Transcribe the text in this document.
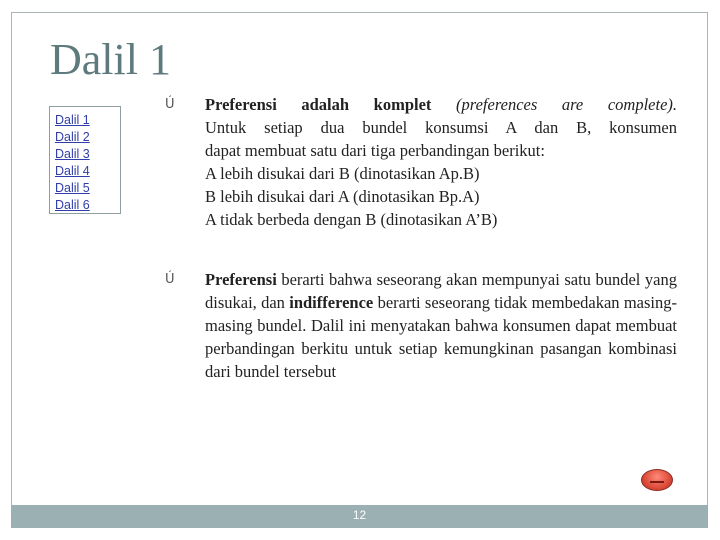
Dalil 1
Dalil 1
Dalil 2
Dalil 3
Dalil 4
Dalil 5
Dalil 6
Ú Preferensi adalah komplet (preferences are complete).
Untuk setiap dua bundel konsumsi A dan B, konsumen
dapat membuat satu dari tiga perbandingan berikut:
A lebih disukai dari B (dinotasikan Ap.B)
B lebih disukai dari A (dinotasikan Bp.A)
A tidak berbeda dengan B (dinotasikan A’B)
Ú Preferensi berarti bahwa seseorang akan mempunyai satu bundel yang disukai, dan indifference berarti seseorang tidak membedakan masing-masing bundel. Dalil ini menyatakan bahwa konsumen dapat membuat perbandingan berkitu untuk setiap kemungkinan pasangan kombinasi dari bundel tersebut
12
